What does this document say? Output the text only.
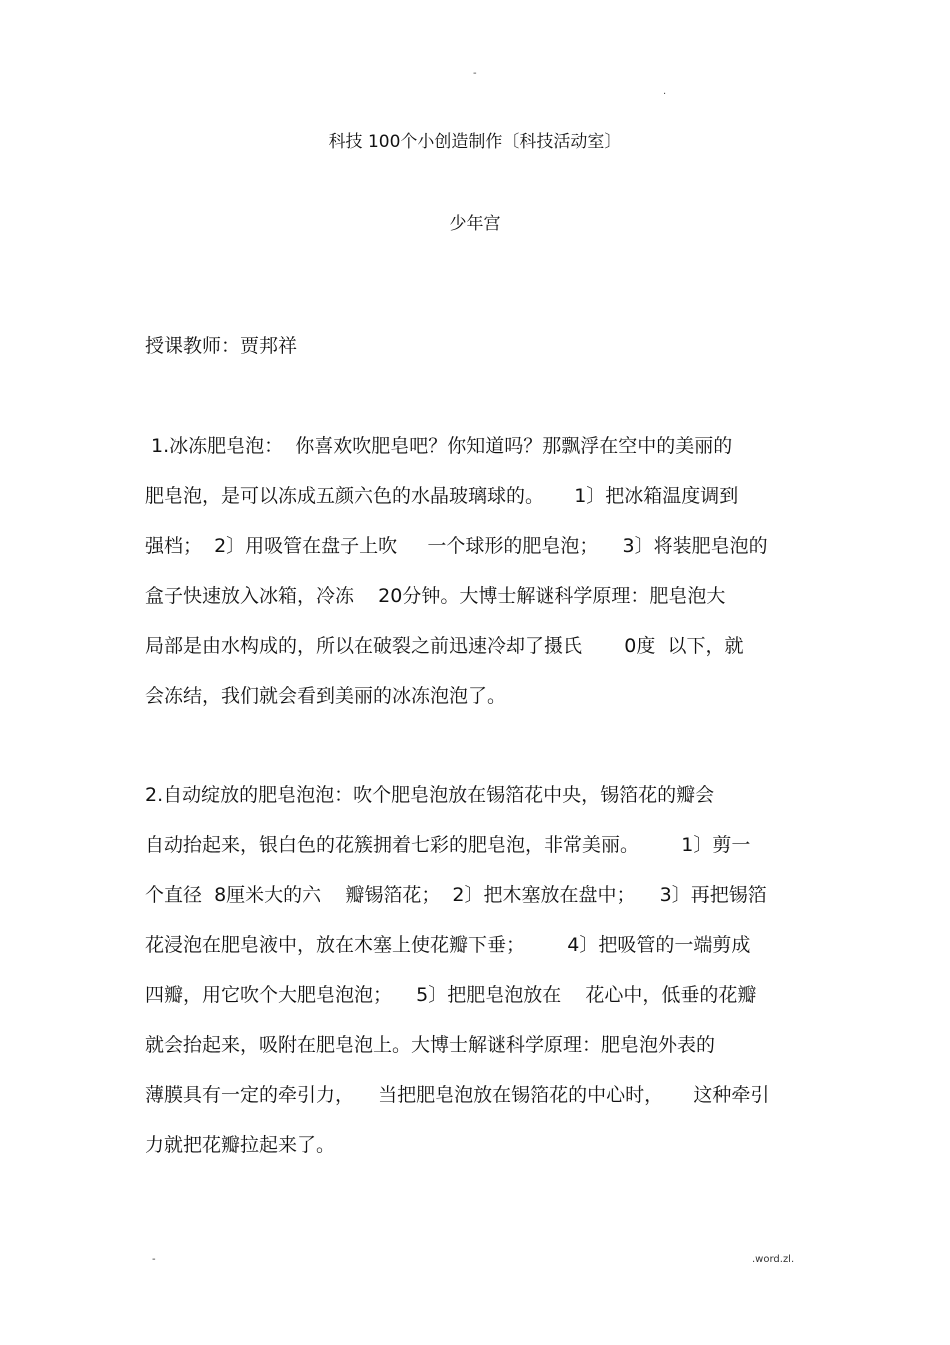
-
.
科技 100个小创造制作〔科技活动室〕
少年宫
授课教师：贾邦祥
1.冰冻肥皂泡：  你喜欢吹肥皂吧？你知道吗？那飘浮在空中的美丽的
肥皂泡，是可以冻成五颜六色的水晶玻璃球的。     1〕把冰箱温度调到
强档；  2〕用吸管在盘子上吹     一个球形的肥皂泡；    3〕将装肥皂泡的
盒子快速放入冰箱，冷冻    20分钟。大博士解谜科学原理：肥皂泡大
局部是由水构成的，所以在破裂之前迅速冷却了摄氏       0度  以下，就
会冻结，我们就会看到美丽的冰冻泡泡了。
2.自动绽放的肥皂泡泡：吹个肥皂泡放在锡箔花中央，锡箔花的瓣会
自动抬起来，银白色的花簇拥着七彩的肥皂泡，非常美丽。       1〕剪一
个直径  8厘米大的六    瓣锡箔花；  2〕把木塞放在盘中；    3〕再把锡箔
花浸泡在肥皂液中，放在木塞上使花瓣下垂；       4〕把吸管的一端剪成
四瓣，用它吹个大肥皂泡泡；    5〕把肥皂泡放在    花心中，低垂的花瓣
就会抬起来，吸附在肥皂泡上。大博士解谜科学原理：肥皂泡外表的
薄膜具有一定的牵引力，    当把肥皂泡放在锡箔花的中心时，     这种牵引
力就把花瓣拉起来了。
-	.word.zl.
